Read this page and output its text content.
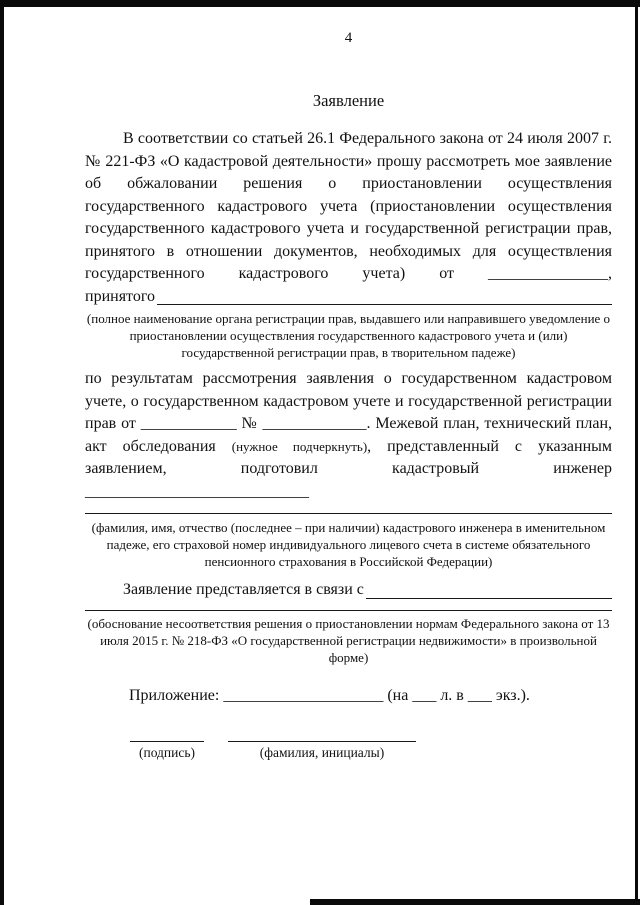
4
Заявление

В соответствии со статьей 26.1 Федерального закона от 24 июля 2007 г. № 221-ФЗ «О кадастровой деятельности» прошу рассмотреть мое заявление об обжаловании решения о приостановлении осуществления государственного кадастрового учета (приостановлении осуществления государственного кадастрового учета и государственной регистрации прав, принятого в отношении документов, необходимых для осуществления государственного кадастрового учета) от _______________,

принятого

(полное наименование органа регистрации прав, выдавшего или направившего уведомление о приостановлении осуществления государственного кадастрового учета и (или) государственной регистрации прав, в творительном падеже)

по результатам рассмотрения заявления о государственном кадастровом учете, о государственном кадастровом учете и государственной регистрации прав от ____________ № _____________. Межевой план, технический план, акт обследования (нужное подчеркнуть), представленный с указанным заявлением, подготовил кадастровый инженер ____________________________

(фамилия, имя, отчество (последнее – при наличии) кадастрового инженера в именительном падеже, его страховой номер индивидуального лицевого счета в системе обязательного пенсионного страхования в Российской Федерации)

Заявление представляется в связи с

(обоснование несоответствия решения о приостановлении нормам Федерального закона от 13 июля 2015 г. № 218-ФЗ «О государственной регистрации недвижимости» в произвольной форме)

Приложение: ____________________ (на ___ л. в ___ экз.).

(подпись)	(фамилия, инициалы)
